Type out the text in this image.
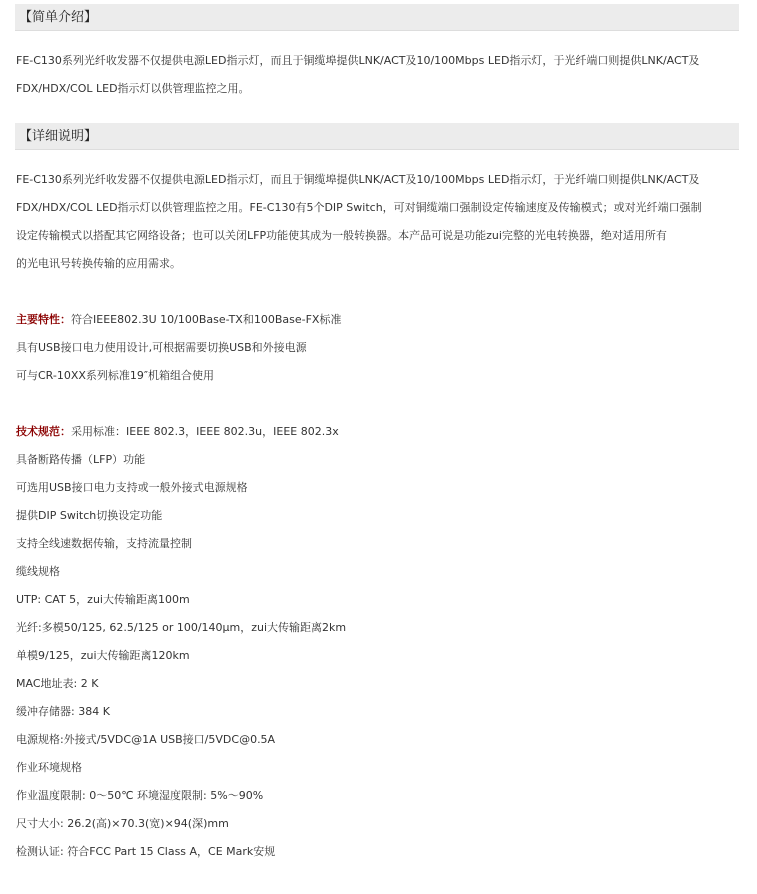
【简单介绍】
FE-C130系列光纤收发器不仅提供电源LED指示灯，而且于铜缆埠提供LNK/ACT及10/100Mbps LED指示灯，于光纤端口则提供LNK/ACT及
FDX/HDX/COL LED指示灯以供管理监控之用。
【详细说明】
FE-C130系列光纤收发器不仅提供电源LED指示灯，而且于铜缆埠提供LNK/ACT及10/100Mbps LED指示灯，于光纤端口则提供LNK/ACT及
FDX/HDX/COL LED指示灯以供管理监控之用。FE-C130有5个DIP Switch，可对铜缆端口强制设定传输速度及传输模式；或对光纤端口强制
设定传输模式以搭配其它网络设备；也可以关闭LFP功能使其成为一般转换器。本产品可说是功能zui完整的光电转换器，绝对适用所有
的光电讯号转换传输的应用需求。
主要特性：符合IEEE802.3U 10/100Base-TX和100Base-FX标准
具有USB接口电力使用设计,可根据需要切换USB和外接电源
可与CR-10XX系列标准19″机箱组合使用
技术规范：采用标准：IEEE 802.3，IEEE 802.3u，IEEE 802.3x
具备断路传播（LFP）功能
可选用USB接口电力支持或一般外接式电源规格
提供DIP Switch切换设定功能
支持全线速数据传输，支持流量控制
缆线规格
UTP: CAT 5，zui大传输距离100m
光纤:多模50/125, 62.5/125 or 100/140μm，zui大传输距离2km
单模9/125，zui大传输距离120km
MAC地址表: 2 K
缓冲存储器: 384 K
电源规格:外接式/5VDC@1A USB接口/5VDC@0.5A
作业环境规格
作业温度限制: 0～50℃ 环境湿度限制: 5%～90%
尺寸大小: 26.2(高)×70.3(宽)×94(深)mm
检测认证: 符合FCC Part 15 Class A，CE Mark安规
